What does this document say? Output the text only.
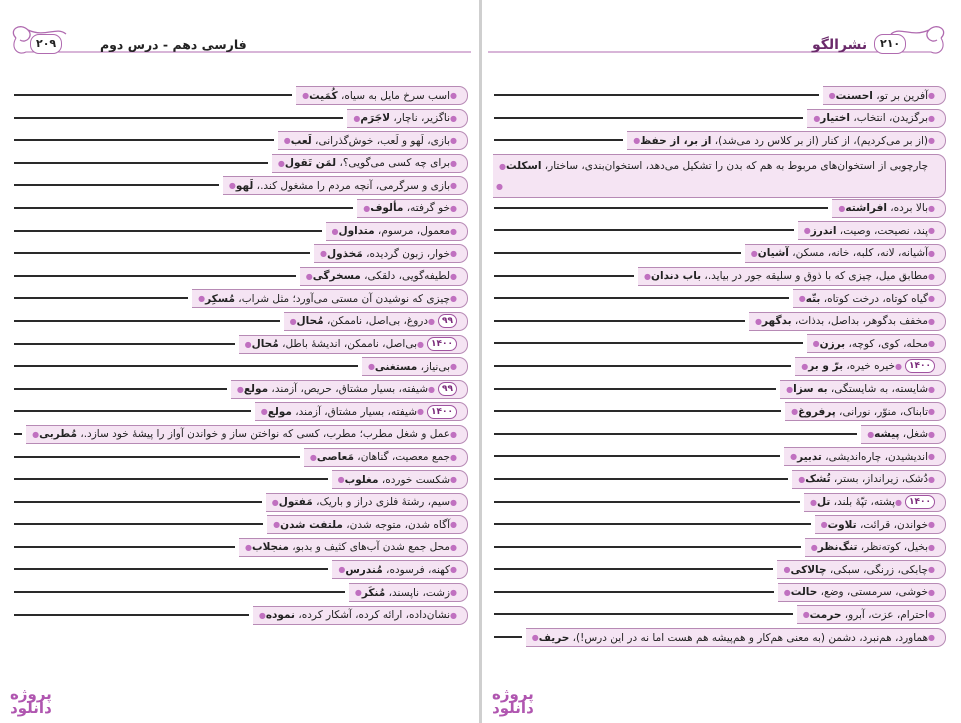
۲۰۹	فارسی دهم - درس دوم
● کُمَیت ، اسب سرخ مایل به سیاه ●
● لاجَرَم ، ناگزیر، ناچار ●
● لَعب ، بازی، لَهو و لَعب، خوش‌گذرانی ●
● لمَن تَقول ، برای چه کسی می‌گویی؟ ●
● لَهو ، بازی و سرگرمی، آنچه مردم را مشغول کند. ●
● مألوف ، خو گرفته ●
● متداول ، معمول، مرسوم ●
● مَخذول ، خوار، زبون گردیده ●
● مسخرگی ، لطیفه‌گویی، دلقکی ●
● مُسکِر ، چیزی که نوشیدن آن مستی می‌آورد؛ مثل شراب ●
● مُحال ، دروغ، بی‌اصل، ناممکن ● ۹۹
● مُحال ، بی‌اصل، ناممکن، اندیشهٔ باطل ● ۱۴۰۰
● مستغنی ، بی‌نیاز ●
● مولع ، شیفته، بسیار مشتاق، حریص، آزمند ● ۹۹
● مولع ، شیفته، بسیار مشتاق، آزمند ● ۱۴۰۰
● مُطربی ، عمل و شغل مطرب؛ مطرب، کسی که نواختن ساز و خواندن آواز را پیشهٔ خود سازد. ●
● مَعاصی ، جمع معصیت، گناهان ●
● مغلوب ، شکست خورده ●
● مَفتول ، سیم، رشتهٔ فلزی دراز و باریک ●
● ملتفت شدن ، آگاه شدن، متوجه شدن ●
● منجلاب ، محل جمع شدن آب‌های کثیف و بدبو ●
● مُندرس ، کهنه، فرسوده ●
● مُنکَر ، زشت، ناپسند ●
● نموده ، نشان‌داده، ارائه کرده، آشکار کرده ●
پروژه
دانلود
۲۱۰
نشرالگو
● احسنت ، آفرین بر تو ●
● اختیار ، برگزیدن، انتخاب ●
● از بر، از حفظ ، (از بر می‌کردیم)، از کنار (از بر کلاس رد می‌شد) ●
● اسکلت ، چارچوبی از استخوان‌های مربوط به هم که بدن را تشکیل می‌دهد، استخوان‌بندی، ساختار
●
● افراشته ، بالا برده ●
● اندرز ، پند، نصیحت، وصیت ●
● آشیان ، آشیانه، لانه، کلبه، خانه، مسکن ●
● باب دندان ، مطابق میل، چیزی که با ذوق و سلیقه جور در بیاید. ●
● بتّه ، گیاه کوتاه، درخت کوتاه ●
● بدگهر ، مخفف بدگوهر، بداصل، بدذات ●
● برزن ، محله، کوی، کوچه ●
● برّ و بر ، خیره خیره ● ۱۴۰۰
● به سزا ، شایسته، به شایستگی ●
● پرفروغ ، تابناک، منوّر، نورانی ●
● پیشه ، شغل ●
● تدبیر ، اندیشیدن، چاره‌اندیشی ●
● تُشک ، دُشک، زیرانداز، بستر ●
● تل ، پشته، تپّهٔ بلند ● ۱۴۰۰
● تلاوت ، خواندن، قرائت ●
● تنگ‌نظر ، بخیل، کوته‌نظر ●
● چالاکی ، چابکی، زرنگی، سبکی ●
● حالت ، خوشی، سرمستی، وضع ●
● حرمت ، احترام، عزت، آبرو ●
● حریف ، هماورد، هم‌نبرد، دشمن (به معنی هم‌کار و هم‌پیشه هم هست اما نه در این درس!) ●
پروژه
دانلود
